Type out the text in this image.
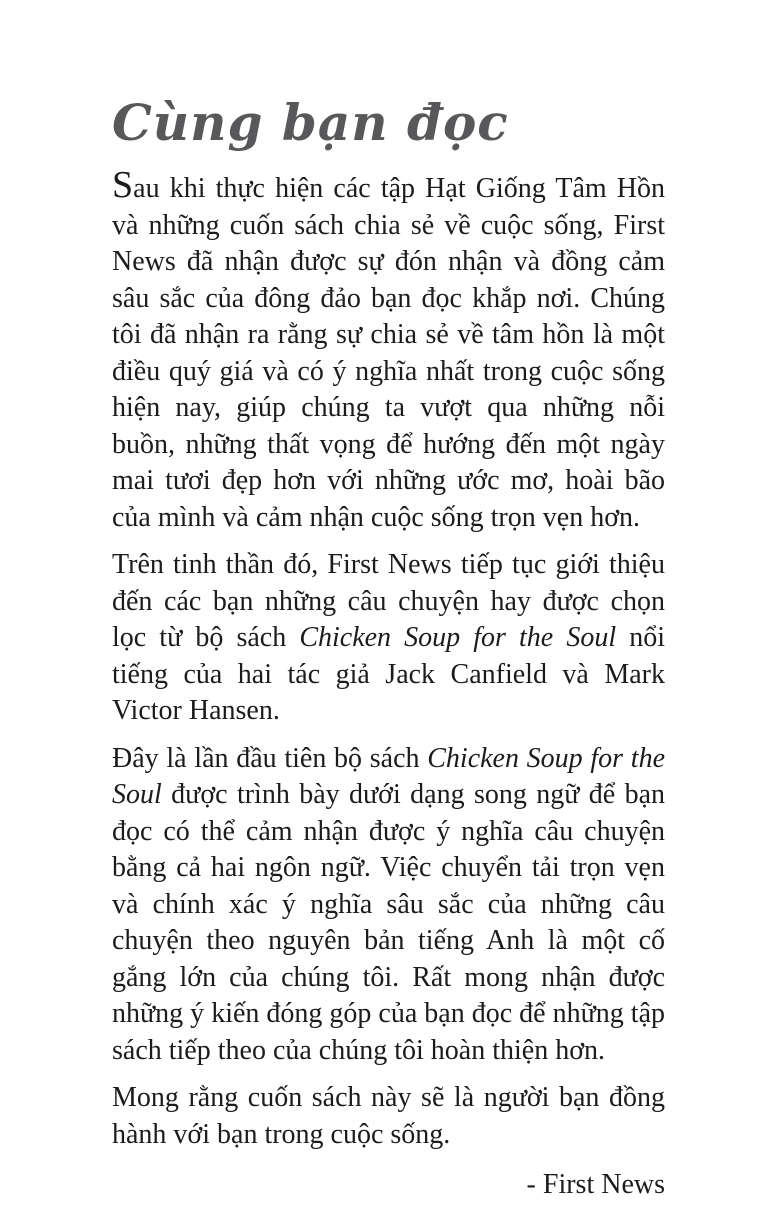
Cùng bạn đọc

Sau khi thực hiện các tập Hạt Giống Tâm Hồn và những cuốn sách chia sẻ về cuộc sống, First News đã nhận được sự đón nhận và đồng cảm sâu sắc của đông đảo bạn đọc khắp nơi. Chúng tôi đã nhận ra rằng sự chia sẻ về tâm hồn là một điều quý giá và có ý nghĩa nhất trong cuộc sống hiện nay, giúp chúng ta vượt qua những nỗi buồn, những thất vọng để hướng đến một ngày mai tươi đẹp hơn với những ước mơ, hoài bão của mình và cảm nhận cuộc sống trọn vẹn hơn.

Trên tinh thần đó, First News tiếp tục giới thiệu đến các bạn những câu chuyện hay được chọn lọc từ bộ sách Chicken Soup for the Soul nổi tiếng của hai tác giả Jack Canfield và Mark Victor Hansen.

Đây là lần đầu tiên bộ sách Chicken Soup for the Soul được trình bày dưới dạng song ngữ để bạn đọc có thể cảm nhận được ý nghĩa câu chuyện bằng cả hai ngôn ngữ. Việc chuyển tải trọn vẹn và chính xác ý nghĩa sâu sắc của những câu chuyện theo nguyên bản tiếng Anh là một cố gắng lớn của chúng tôi. Rất mong nhận được những ý kiến đóng góp của bạn đọc để những tập sách tiếp theo của chúng tôi hoàn thiện hơn.

Mong rằng cuốn sách này sẽ là người bạn đồng hành với bạn trong cuộc sống.

- First News
